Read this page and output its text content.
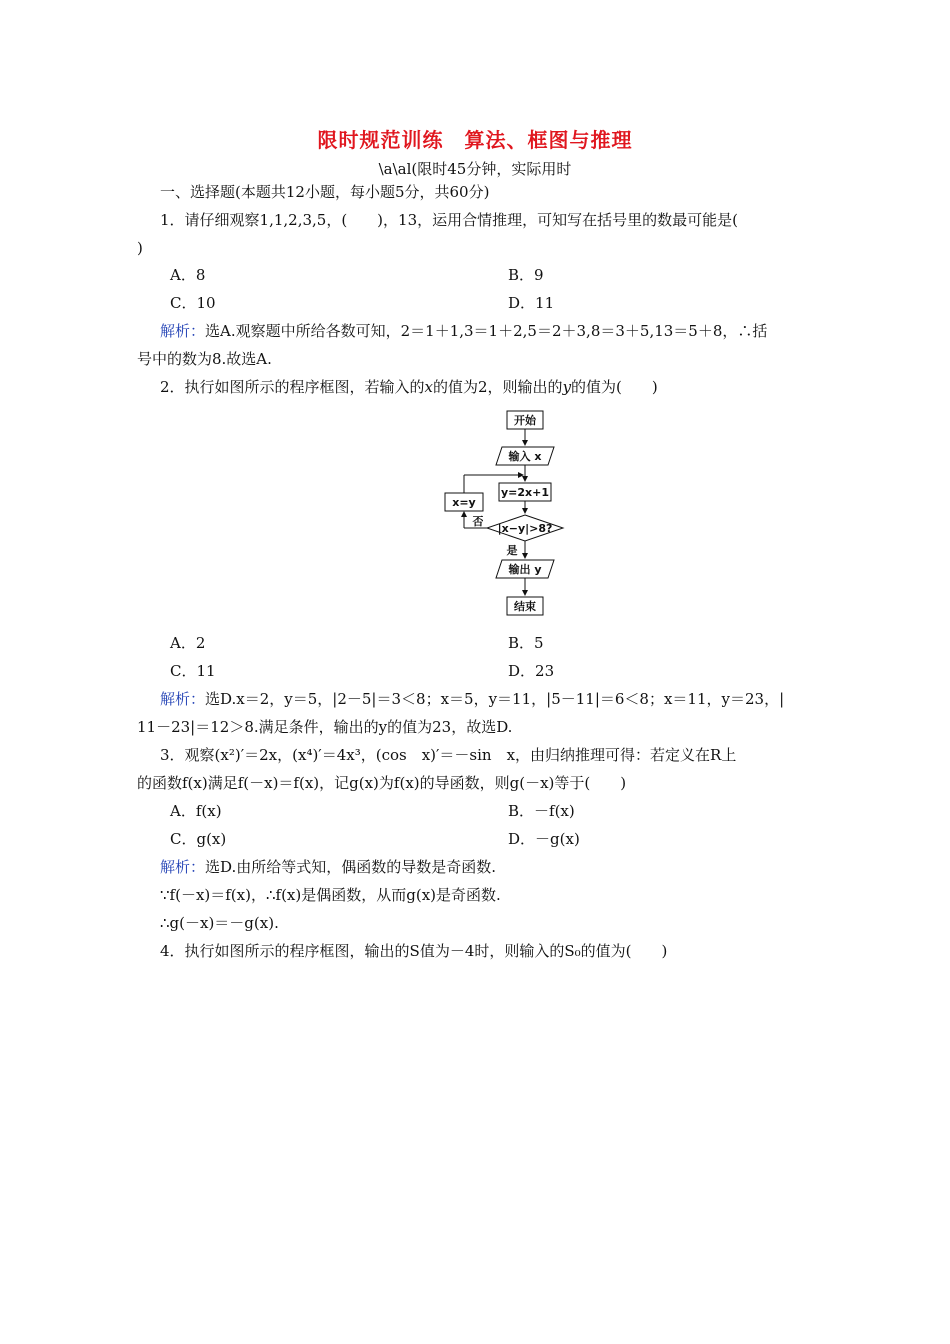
限时规范训练　算法、框图与推理
\a\al(限时45分钟，实际用时
一、选择题(本题共12小题，每小题5分，共60分)
1．请仔细观察1,1,2,3,5，(　　)，13，运用合情推理，可知写在括号里的数最可能是(
)
A．8	B．9
C．10	D．11
解析：选A.观察题中所给各数可知，2＝1＋1,3＝1＋2,5＝2＋3,8＝3＋5,13＝5＋8，∴括
号中的数为8.故选A.
2．执行如图所示的程序框图，若输入的x的值为2，则输出的y的值为(　　)
开始
输入 x
y=2x+1
|x−y|>8?
否
x=y
是
输出 y
结束
A．2	B．5
C．11	D．23
解析：选D.x＝2，y＝5，|2－5|＝3＜8；x＝5，y＝11，|5－11|＝6＜8；x＝11，y＝23，|
11－23|＝12＞8.满足条件，输出的y的值为23，故选D.
3．观察(x²)′＝2x，(x⁴)′＝4x³，(cos　x)′＝－sin　x，由归纳推理可得：若定义在R上
的函数f(x)满足f(－x)＝f(x)，记g(x)为f(x)的导函数，则g(－x)等于(　　)
A．f(x)	B．－f(x)
C．g(x)	D．－g(x)
解析：选D.由所给等式知，偶函数的导数是奇函数.
∵f(－x)＝f(x)，∴f(x)是偶函数，从而g(x)是奇函数.
∴g(－x)＝－g(x).
4．执行如图所示的程序框图，输出的S值为－4时，则输入的S₀的值为(　　)
